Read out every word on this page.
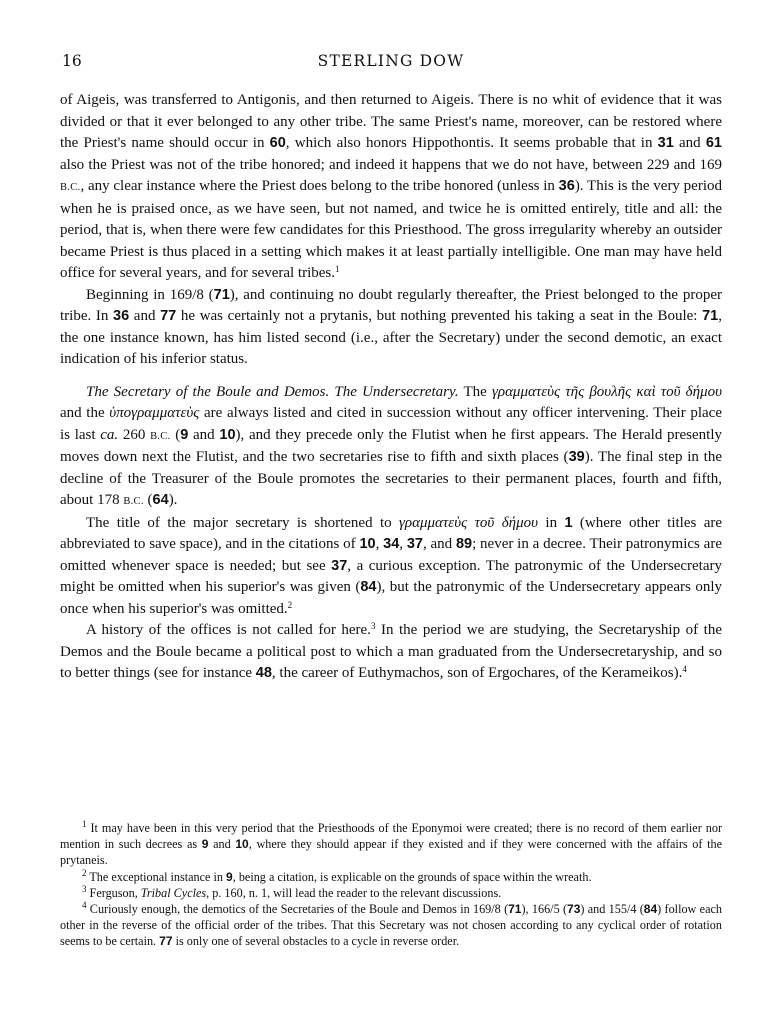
16	STERLING DOW

of Aigeis, was transferred to Antigonis, and then returned to Aigeis. There is no whit of evidence that it was divided or that it ever belonged to any other tribe. The same Priest's name, moreover, can be restored where the Priest's name should occur in 60, which also honors Hippothontis. It seems probable that in 31 and 61 also the Priest was not of the tribe honored; and indeed it happens that we do not have, between 229 and 169 B.C., any clear instance where the Priest does belong to the tribe honored (unless in 36). This is the very period when he is praised once, as we have seen, but not named, and twice he is omitted entirely, title and all: the period, that is, when there were few candidates for this Priesthood. The gross irregularity whereby an outsider became Priest is thus placed in a setting which makes it at least partially intelligible. One man may have held office for several years, and for several tribes.$^1$

Beginning in 169/8 (71), and continuing no doubt regularly thereafter, the Priest belonged to the proper tribe. In 36 and 77 he was certainly not a prytanis, but nothing prevented his taking a seat in the Boule: 71, the one instance known, has him listed second (i.e., after the Secretary) under the second demotic, an exact indication of his inferior status.

The Secretary of the Boule and Demos. The Undersecretary. The γραμματεὺς τῆς βουλῆς καὶ τοῦ δήμου and the ὑπογραμματεὺς are always listed and cited in succession without any officer intervening. Their place is last ca. 260 B.C. (9 and 10), and they precede only the Flutist when he first appears. The Herald presently moves down next the Flutist, and the two secretaries rise to fifth and sixth places (39). The final step in the decline of the Treasurer of the Boule promotes the secretaries to their permanent places, fourth and fifth, about 178 B.C. (64).

The title of the major secretary is shortened to γραμματεὺς τοῦ δήμου in 1 (where other titles are abbreviated to save space), and in the citations of 10, 34, 37, and 89; never in a decree. Their patronymics are omitted whenever space is needed; but see 37, a curious exception. The patronymic of the Undersecretary might be omitted when his superior's was given (84), but the patronymic of the Undersecretary appears only once when his superior's was omitted.$^2$

A history of the offices is not called for here.$^3$ In the period we are studying, the Secretaryship of the Demos and the Boule became a political post to which a man graduated from the Undersecretaryship, and so to better things (see for instance 48, the career of Euthymachos, son of Ergochares, of the Kerameikos).$^4$

$^1$ It may have been in this very period that the Priesthoods of the Eponymoi were created; there is no record of them earlier nor mention in such decrees as 9 and 10, where they should appear if they existed and if they were concerned with the affairs of the prytaneis.

$^2$ The exceptional instance in 9, being a citation, is explicable on the grounds of space within the wreath.

$^3$ Ferguson, Tribal Cycles, p. 160, n. 1, will lead the reader to the relevant discussions.

$^4$ Curiously enough, the demotics of the Secretaries of the Boule and Demos in 169/8 (71), 166/5 (73) and 155/4 (84) follow each other in the reverse of the official order of the tribes. That this Secretary was not chosen according to any cyclical order of rotation seems to be certain. 77 is only one of several obstacles to a cycle in reverse order.
